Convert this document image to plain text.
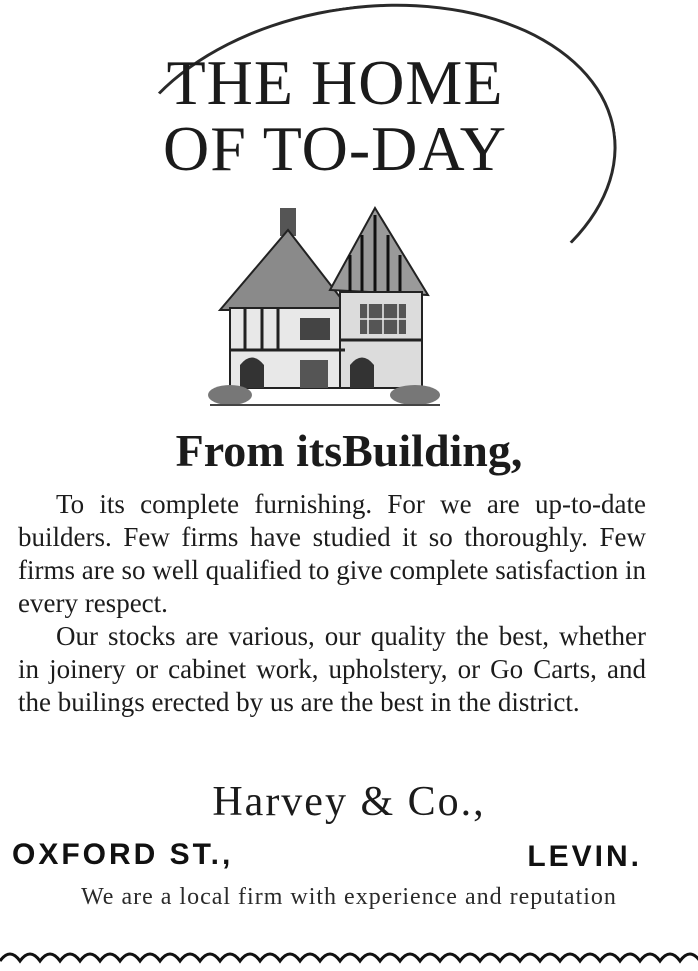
THE HOME
OF TO-DAY
From itsBuilding,

To its complete furnishing. For we are up-to-date builders. Few firms have studied it so thoroughly. Few firms are so well qualified to give complete satisfaction in every respect.

Our stocks are various, our quality the best, whether in joinery or cabinet work, upholstery, or Go Carts, and the builings erected by us are the best in the district.

Harvey & Co.,
OXFORD ST.,	LEVIN.
We are a local firm with experience and reputation
